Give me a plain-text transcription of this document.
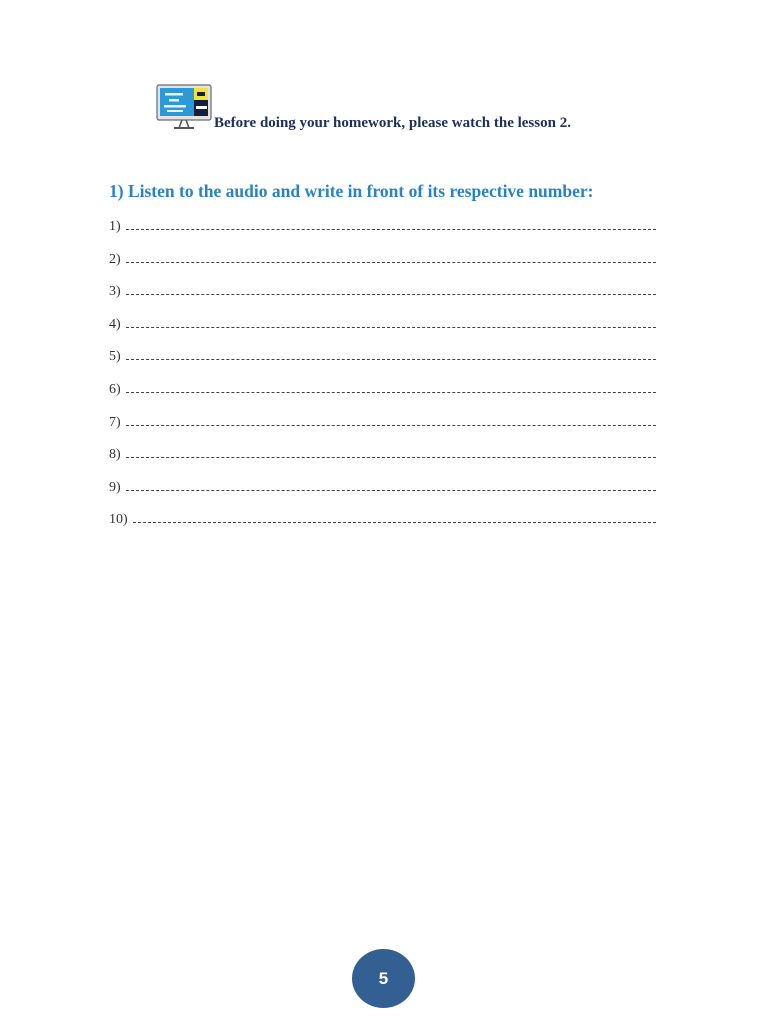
Before doing your homework, please watch the lesson 2.
1) Listen to the audio and write in front of its respective number:
1)
2)
3)
4)
5)
6)
7)
8)
9)
10)
5
